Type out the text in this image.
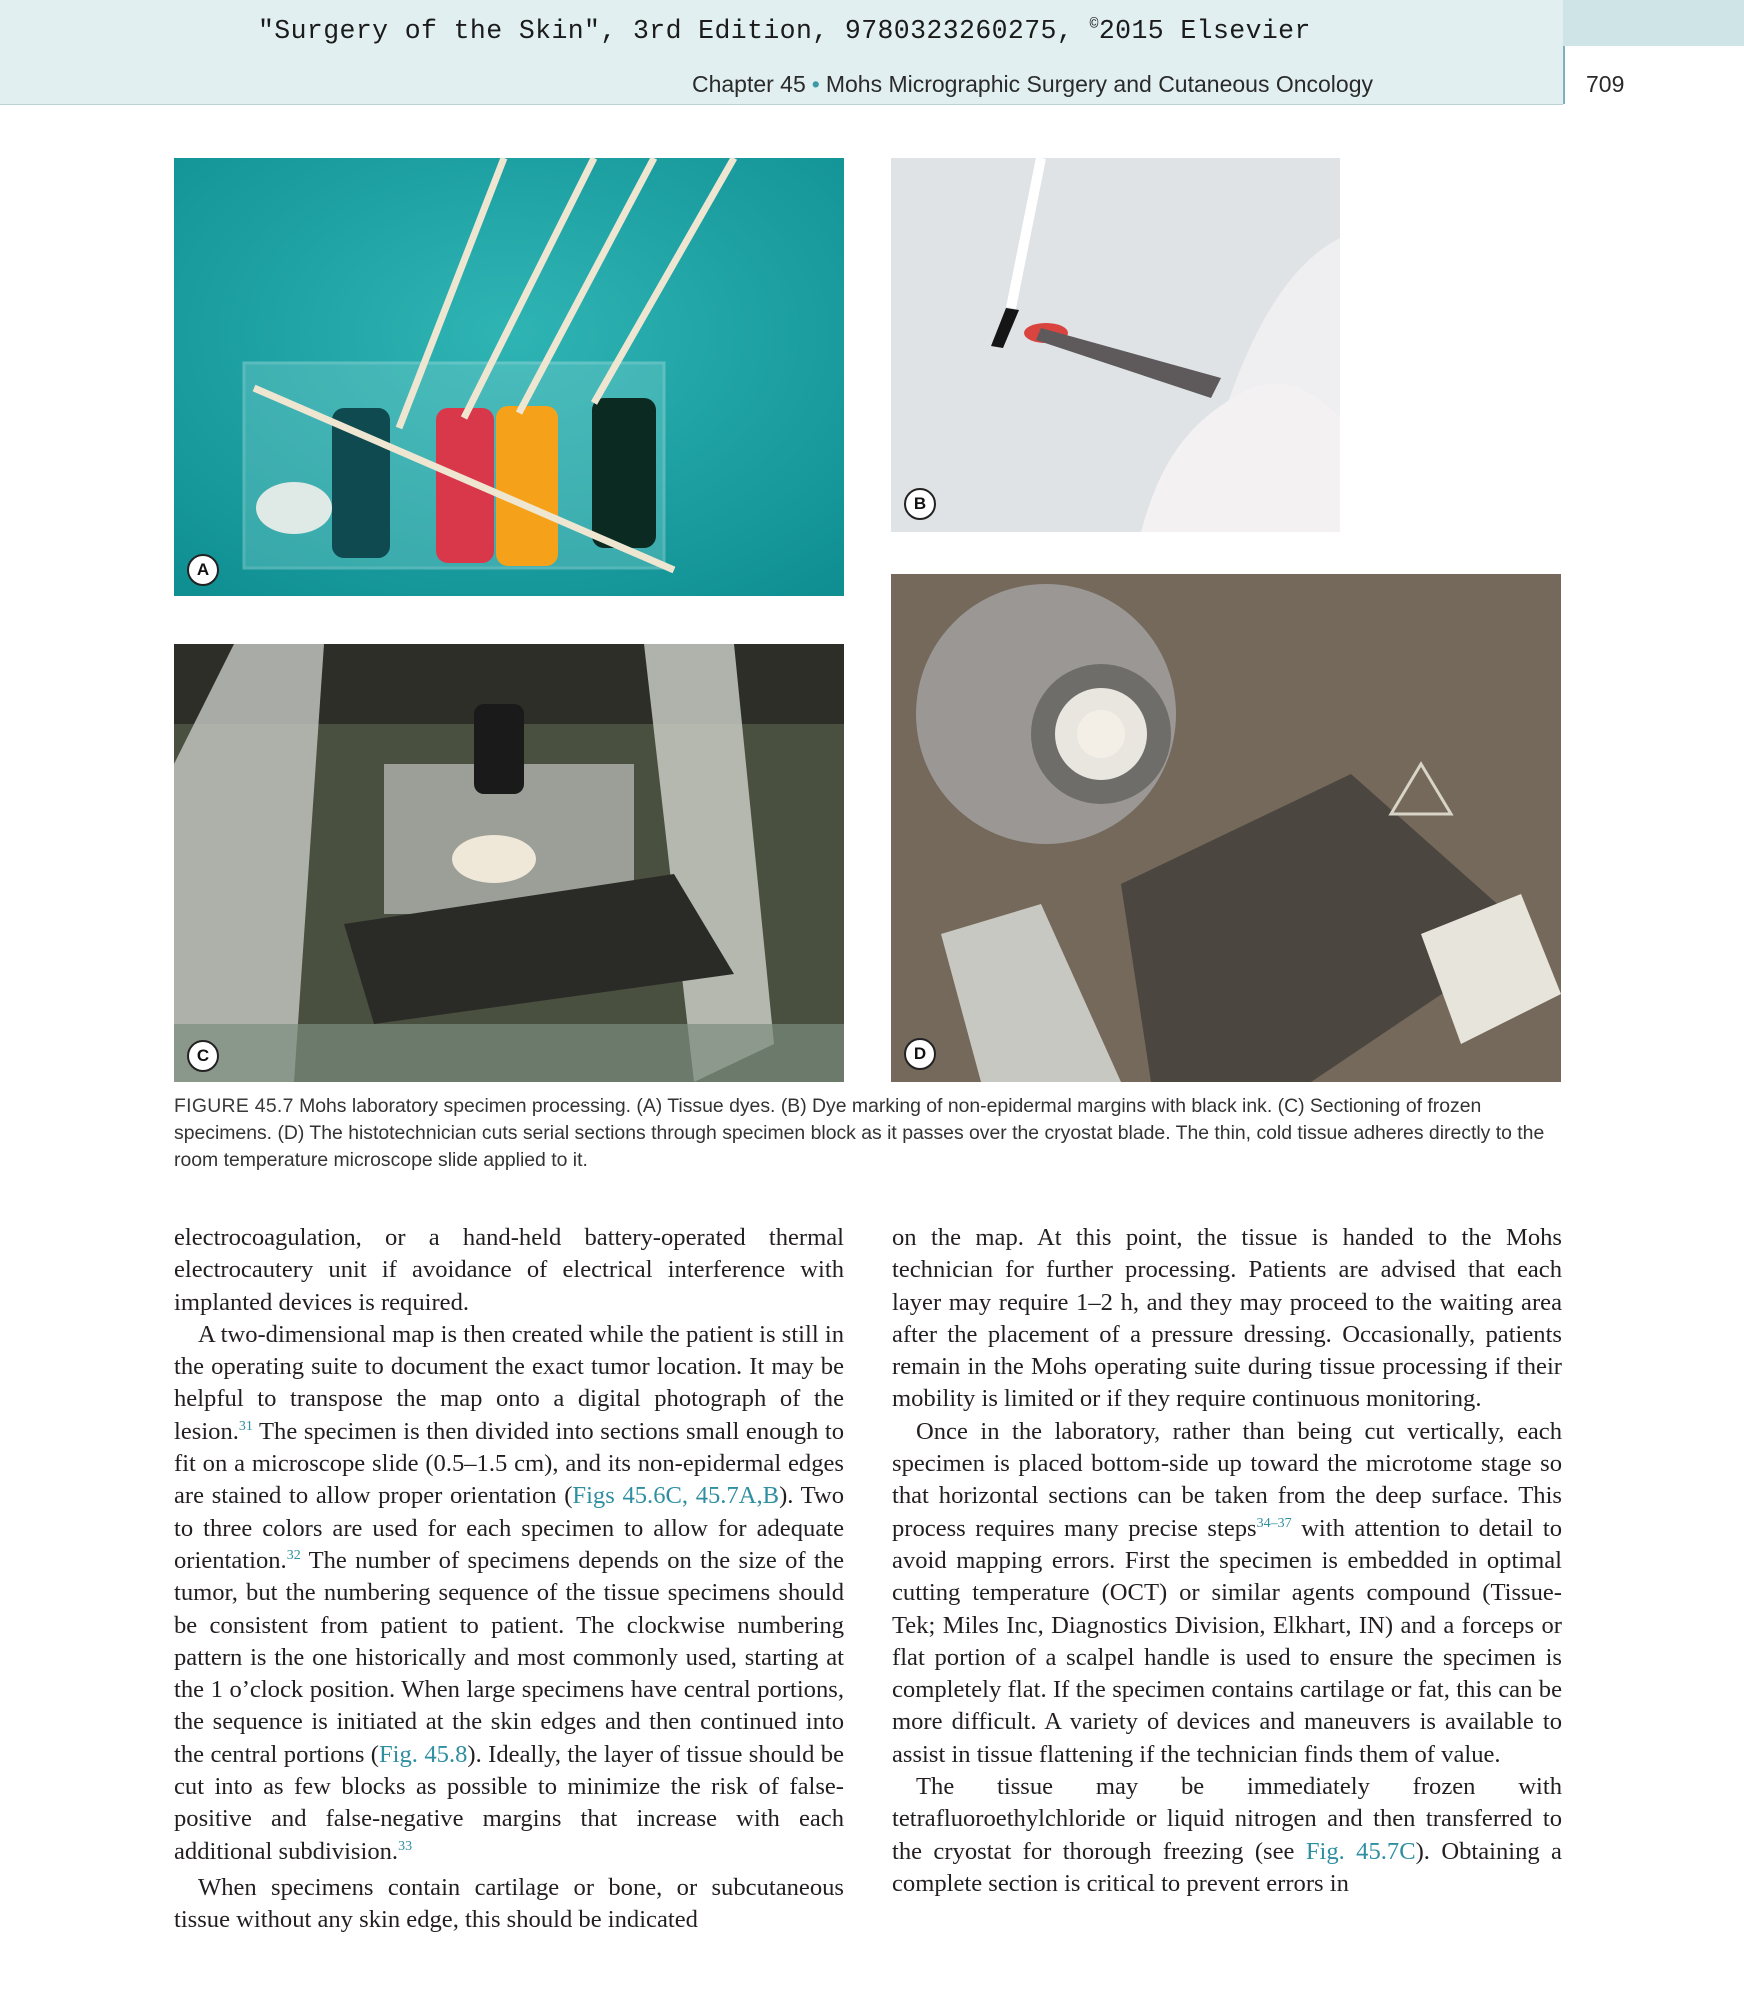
"Surgery of the Skin", 3rd Edition, 9780323260275, ©2015 Elsevier
Chapter 45 • Mohs Micrographic Surgery and Cutaneous Oncology	709
A
B
C	D
FIGURE 45.7 Mohs laboratory specimen processing. (A) Tissue dyes. (B) Dye marking of non-epidermal margins with black ink. (C) Sectioning of frozen specimens. (D) The histotechnician cuts serial sections through specimen block as it passes over the cryostat blade. The thin, cold tissue adheres directly to the room temperature microscope slide applied to it.

electrocoagulation, or a hand-held battery-operated thermal electrocautery unit if avoidance of electrical interference with implanted devices is required.

A two-dimensional map is then created while the patient is still in the operating suite to document the exact tumor location. It may be helpful to transpose the map onto a digital photograph of the lesion.$^{31}$ The specimen is then divided into sections small enough to fit on a microscope slide (0.5–1.5 cm), and its non-epidermal edges are stained to allow proper orientation (Figs 45.6C, 45.7A,B). Two to three colors are used for each specimen to allow for adequate orientation.$^{32}$ The number of specimens depends on the size of the tumor, but the numbering sequence of the tissue specimens should be consistent from patient to patient. The clockwise numbering pattern is the one historically and most commonly used, starting at the 1 o’clock position. When large specimens have central portions, the sequence is initiated at the skin edges and then continued into the central portions (Fig. 45.8). Ideally, the layer of tissue should be cut into as few blocks as possible to minimize the risk of false-positive and false-negative margins that increase with each additional subdivision.$^{33}$

When specimens contain cartilage or bone, or subcutaneous tissue without any skin edge, this should be indicated

on the map. At this point, the tissue is handed to the Mohs technician for further processing. Patients are advised that each layer may require 1–2 h, and they may proceed to the waiting area after the placement of a pressure dressing. Occasionally, patients remain in the Mohs operating suite during tissue processing if their mobility is limited or if they require continuous monitoring.

Once in the laboratory, rather than being cut vertically, each specimen is placed bottom-side up toward the microtome stage so that horizontal sections can be taken from the deep surface. This process requires many precise steps$^{34-37}$ with attention to detail to avoid mapping errors. First the specimen is embedded in optimal cutting temperature (OCT) or similar agents compound (Tissue-Tek; Miles Inc, Diagnostics Division, Elkhart, IN) and a forceps or flat portion of a scalpel handle is used to ensure the specimen is completely flat. If the specimen contains cartilage or fat, this can be more difficult. A variety of devices and maneuvers is available to assist in tissue flattening if the technician finds them of value.

The tissue may be immediately frozen with tetrafluoroethylchloride or liquid nitrogen and then transferred to the cryostat for thorough freezing (see Fig. 45.7C). Obtaining a complete section is critical to prevent errors in
